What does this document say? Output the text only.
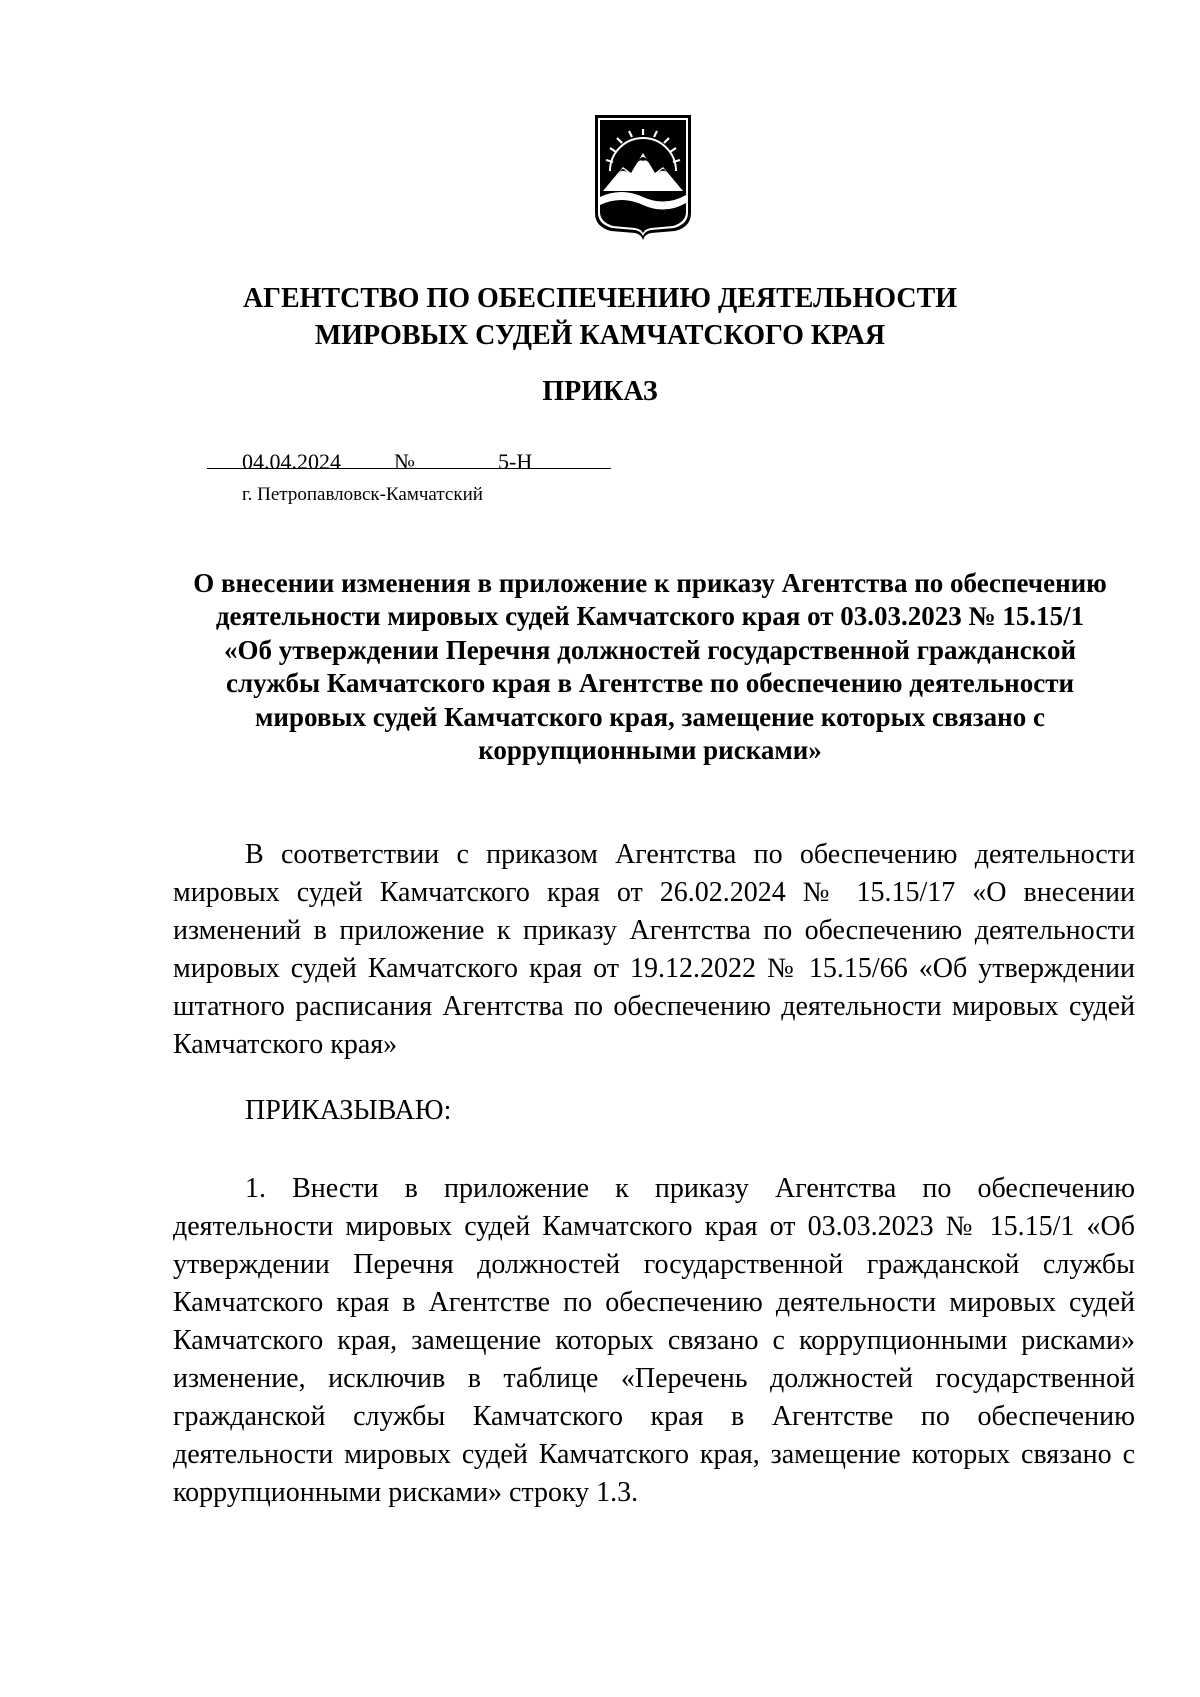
АГЕНТСТВО ПО ОБЕСПЕЧЕНИЮ ДЕЯТЕЛЬНОСТИ
МИРОВЫХ СУДЕЙ КАМЧАТСКОГО КРАЯ
ПРИКАЗ
04.04.2024 №	5-Н
г. Петропавловск-Камчатский
О внесении изменения в приложение к приказу Агентства по обеспечению
деятельности мировых судей Камчатского края от 03.03.2023 № 15.15/1
«Об утверждении Перечня должностей государственной гражданской
службы Камчатского края в Агентстве по обеспечению деятельности
мировых судей Камчатского края, замещение которых связано с
коррупционными рисками»
В соответствии с приказом Агентства по обеспечению деятельности
мировых судей Камчатского края от 26.02.2024 № 15.15/17 «О внесении
изменений в приложение к приказу Агентства по обеспечению деятельности
мировых судей Камчатского края от 19.12.2022 № 15.15/66 «Об утверждении
штатного расписания Агентства по обеспечению деятельности мировых судей
Камчатского края»
ПРИКАЗЫВАЮ:
1. Внести в приложение к приказу Агентства по обеспечению
деятельности мировых судей Камчатского края от 03.03.2023 № 15.15/1 «Об
утверждении Перечня должностей государственной гражданской службы
Камчатского края в Агентстве по обеспечению деятельности мировых судей
Камчатского края, замещение которых связано с коррупционными рисками»
изменение, исключив в таблице «Перечень должностей государственной
гражданской службы Камчатского края в Агентстве по обеспечению
деятельности мировых судей Камчатского края, замещение которых связано с
коррупционными рисками» строку 1.3.
